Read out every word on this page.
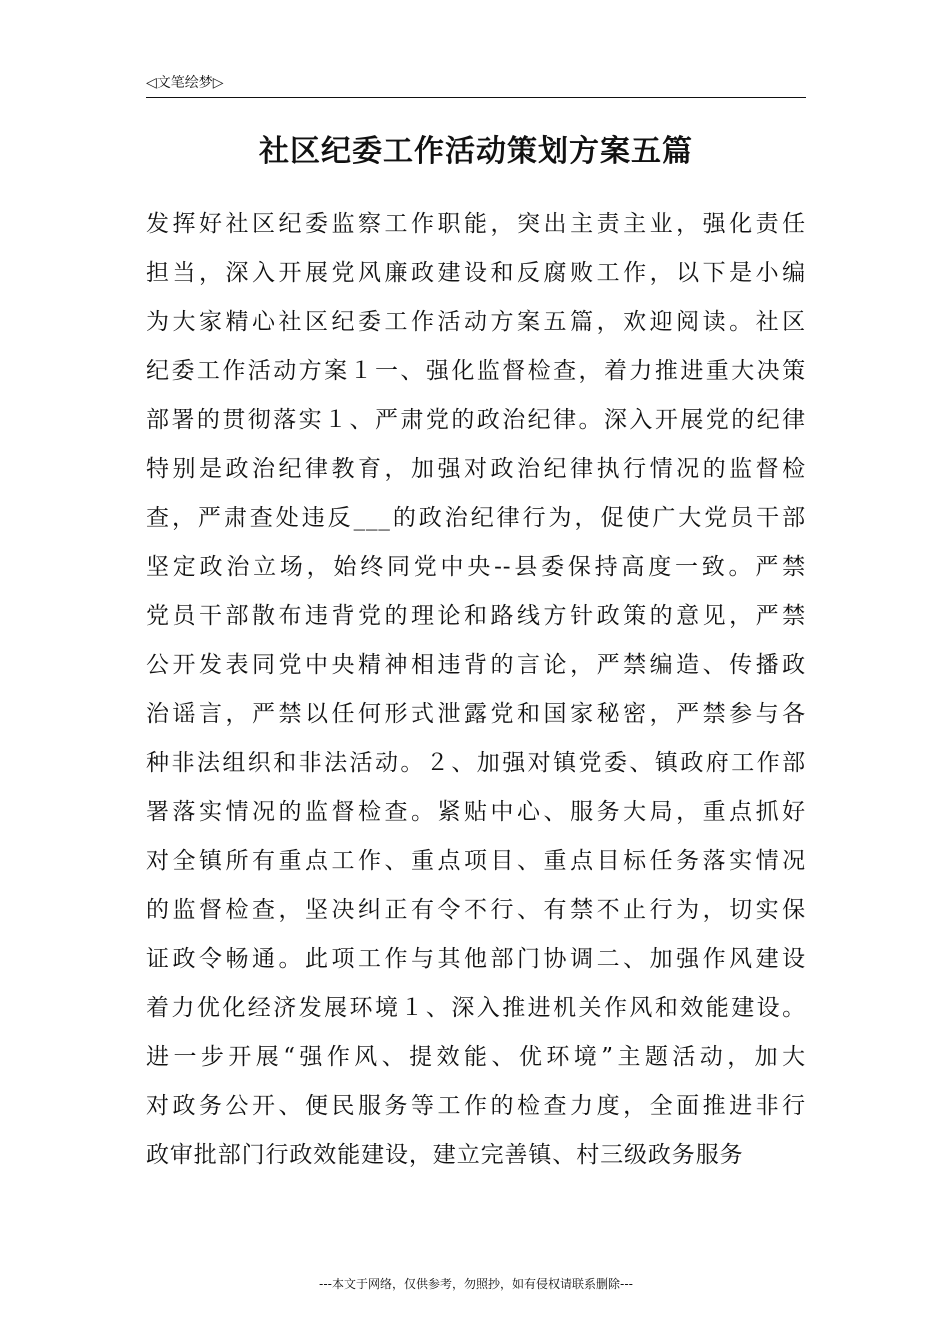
◁文笔绘梦▷
社区纪委工作活动策划方案五篇
发挥好社区纪委监察工作职能，突出主责主业，强化责任
担当，深入开展党风廉政建设和反腐败工作，以下是小编
为大家精心社区纪委工作活动方案五篇，欢迎阅读。社区
纪委工作活动方案１一、强化监督检查，着力推进重大决策
部署的贯彻落实１、严肃党的政治纪律。深入开展党的纪律
特别是政治纪律教育，加强对政治纪律执行情况的监督检
查，严肃查处违反___的政治纪律行为，促使广大党员干部
坚定政治立场，始终同党中央--县委保持高度一致。严禁
党员干部散布违背党的理论和路线方针政策的意见，严禁
公开发表同党中央精神相违背的言论，严禁编造、传播政
治谣言，严禁以任何形式泄露党和国家秘密，严禁参与各
种非法组织和非法活动。２、加强对镇党委、镇政府工作部
署落实情况的监督检查。紧贴中心、服务大局，重点抓好
对全镇所有重点工作、重点项目、重点目标任务落实情况
的监督检查，坚决纠正有令不行、有禁不止行为，切实保
证政令畅通。此项工作与其他部门协调二、加强作风建设
着力优化经济发展环境１、深入推进机关作风和效能建设。
进一步开展“强作风、提效能、优环境”主题活动，加大
对政务公开、便民服务等工作的检查力度，全面推进非行
政审批部门行政效能建设，建立完善镇、村三级政务服务
---本文于网络，仅供参考，勿照抄，如有侵权请联系删除---
